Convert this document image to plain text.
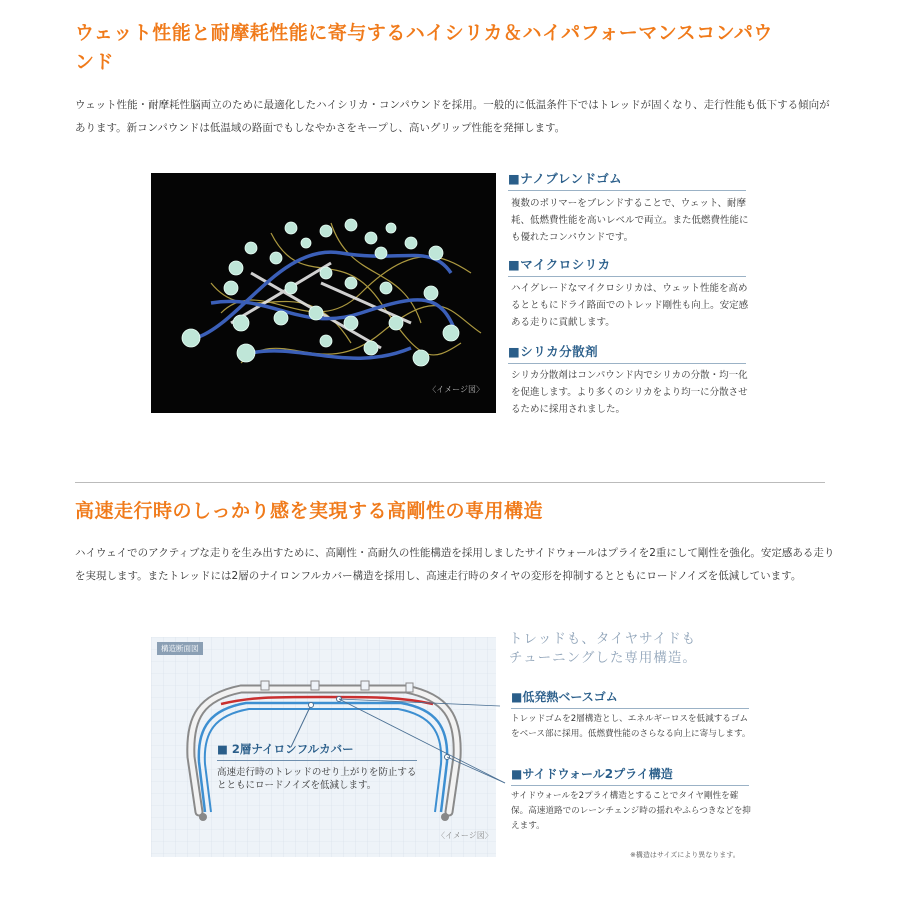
ウェット性能と耐摩耗性能に寄与するハイシリカ＆ハイパフォーマンスコンパウンド
ウェット性能・耐摩耗性脳両立のために最適化したハイシリカ・コンパウンドを採用。一般的に低温条件下ではトレッドが固くなり、走行性能も低下する傾向があります。新コンパウンドは低温域の路面でもしなやかさをキープし、高いグリップ性能を発揮します。
〈イメージ図〉
■ナノブレンドゴム
複数のポリマーをブレンドすることで、ウェット、耐摩耗、低燃費性能を高いレベルで両立。また低燃費性能にも優れたコンパウンドです。
■マイクロシリカ
ハイグレードなマイクロシリカは、ウェット性能を高めるとともにドライ路面でのトレッド剛性も向上。安定感ある走りに貢献します。
■シリカ分散剤
シリカ分散剤はコンパウンド内でシリカの分散・均一化を促進します。より多くのシリカをより均一に分散させるために採用されました。
高速走行時のしっかり感を実現する高剛性の専用構造
ハイウェイでのアクティブな走りを生み出すために、高剛性・高耐久の性能構造を採用しましたサイドウォールはプライを2重にして剛性を強化。安定感ある走りを実現します。またトレッドには2層のナイロンフルカバー構造を採用し、高速走行時のタイヤの変形を抑制するとともにロードノイズを低減しています。
構造断面図
■ 2層ナイロンフルカバー
高速走行時のトレッドのせり上がりを防止するとともにロードノイズを低減します。
〈イメージ図〉
トレッドも、タイヤサイドも
チューニングした専用構造。
■低発熱ベースゴム
トレッドゴムを2層構造とし、エネルギーロスを低減するゴムをベース部に採用。低燃費性能のさらなる向上に寄与します。
■サイドウォール2プライ構造
サイドウォールを2プライ構造とすることでタイヤ剛性を確保。高速道路でのレーンチェンジ時の揺れやふらつきなどを抑えます。
※構造はサイズにより異なります。
